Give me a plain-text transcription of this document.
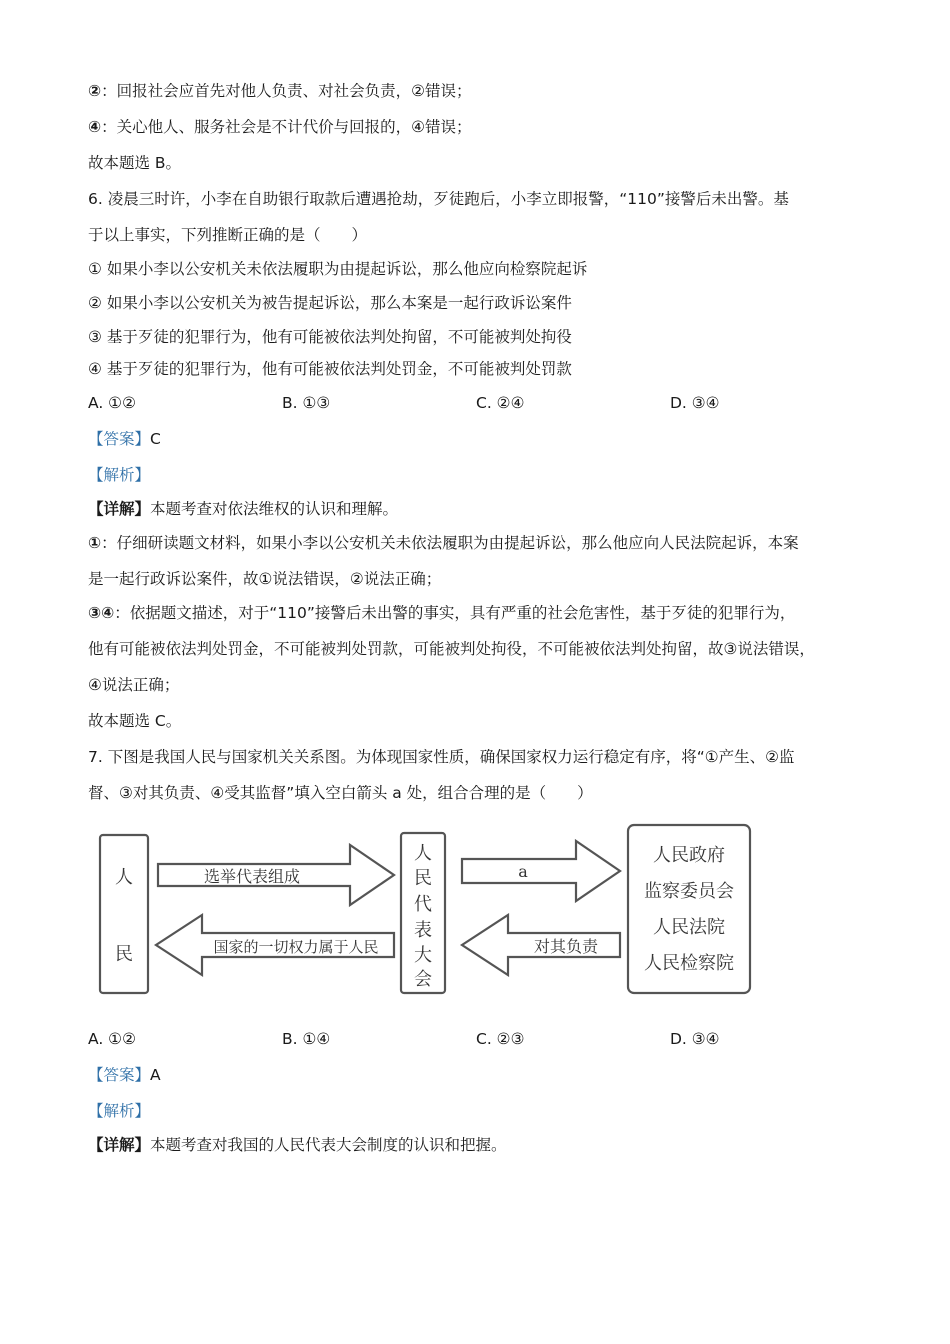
②：回报社会应首先对他人负责、对社会负责，②错误；
④：关心他人、服务社会是不计代价与回报的，④错误；
故本题选 B。
6. 凌晨三时许，小李在自助银行取款后遭遇抢劫，歹徒跑后，小李立即报警，“110”接警后未出警。基
于以上事实，下列推断正确的是（　　）
① 如果小李以公安机关未依法履职为由提起诉讼，那么他应向检察院起诉
② 如果小李以公安机关为被告提起诉讼，那么本案是一起行政诉讼案件
③ 基于歹徒的犯罪行为，他有可能被依法判处拘留，不可能被判处拘役
④ 基于歹徒的犯罪行为，他有可能被依法判处罚金，不可能被判处罚款
A. ①②	B. ①③	C. ②④	D. ③④
【答案】C
【解析】
【详解】本题考查对依法维权的认识和理解。
①：仔细研读题文材料，如果小李以公安机关未依法履职为由提起诉讼，那么他应向人民法院起诉，本案
是一起行政诉讼案件，故①说法错误，②说法正确；
③④：依据题文描述，对于“110”接警后未出警的事实，具有严重的社会危害性，基于歹徒的犯罪行为，
他有可能被依法判处罚金，不可能被判处罚款，可能被判处拘役，不可能被依法判处拘留，故③说法错误，
④说法正确；
故本题选 C。
7. 下图是我国人民与国家机关关系图。为体现国家性质，确保国家权力运行稳定有序，将“①产生、②监
督、③对其负责、④受其监督”填入空白箭头 a 处，组合合理的是（　　）
人
民
选举代表组成
国家的一切权力属于人民
人
民
代
表
大
会
a
对其负责
人民政府
监察委员会
人民法院
人民检察院
A. ①②	B. ①④	C. ②③	D. ③④
【答案】A
【解析】
【详解】本题考查对我国的人民代表大会制度的认识和把握。
